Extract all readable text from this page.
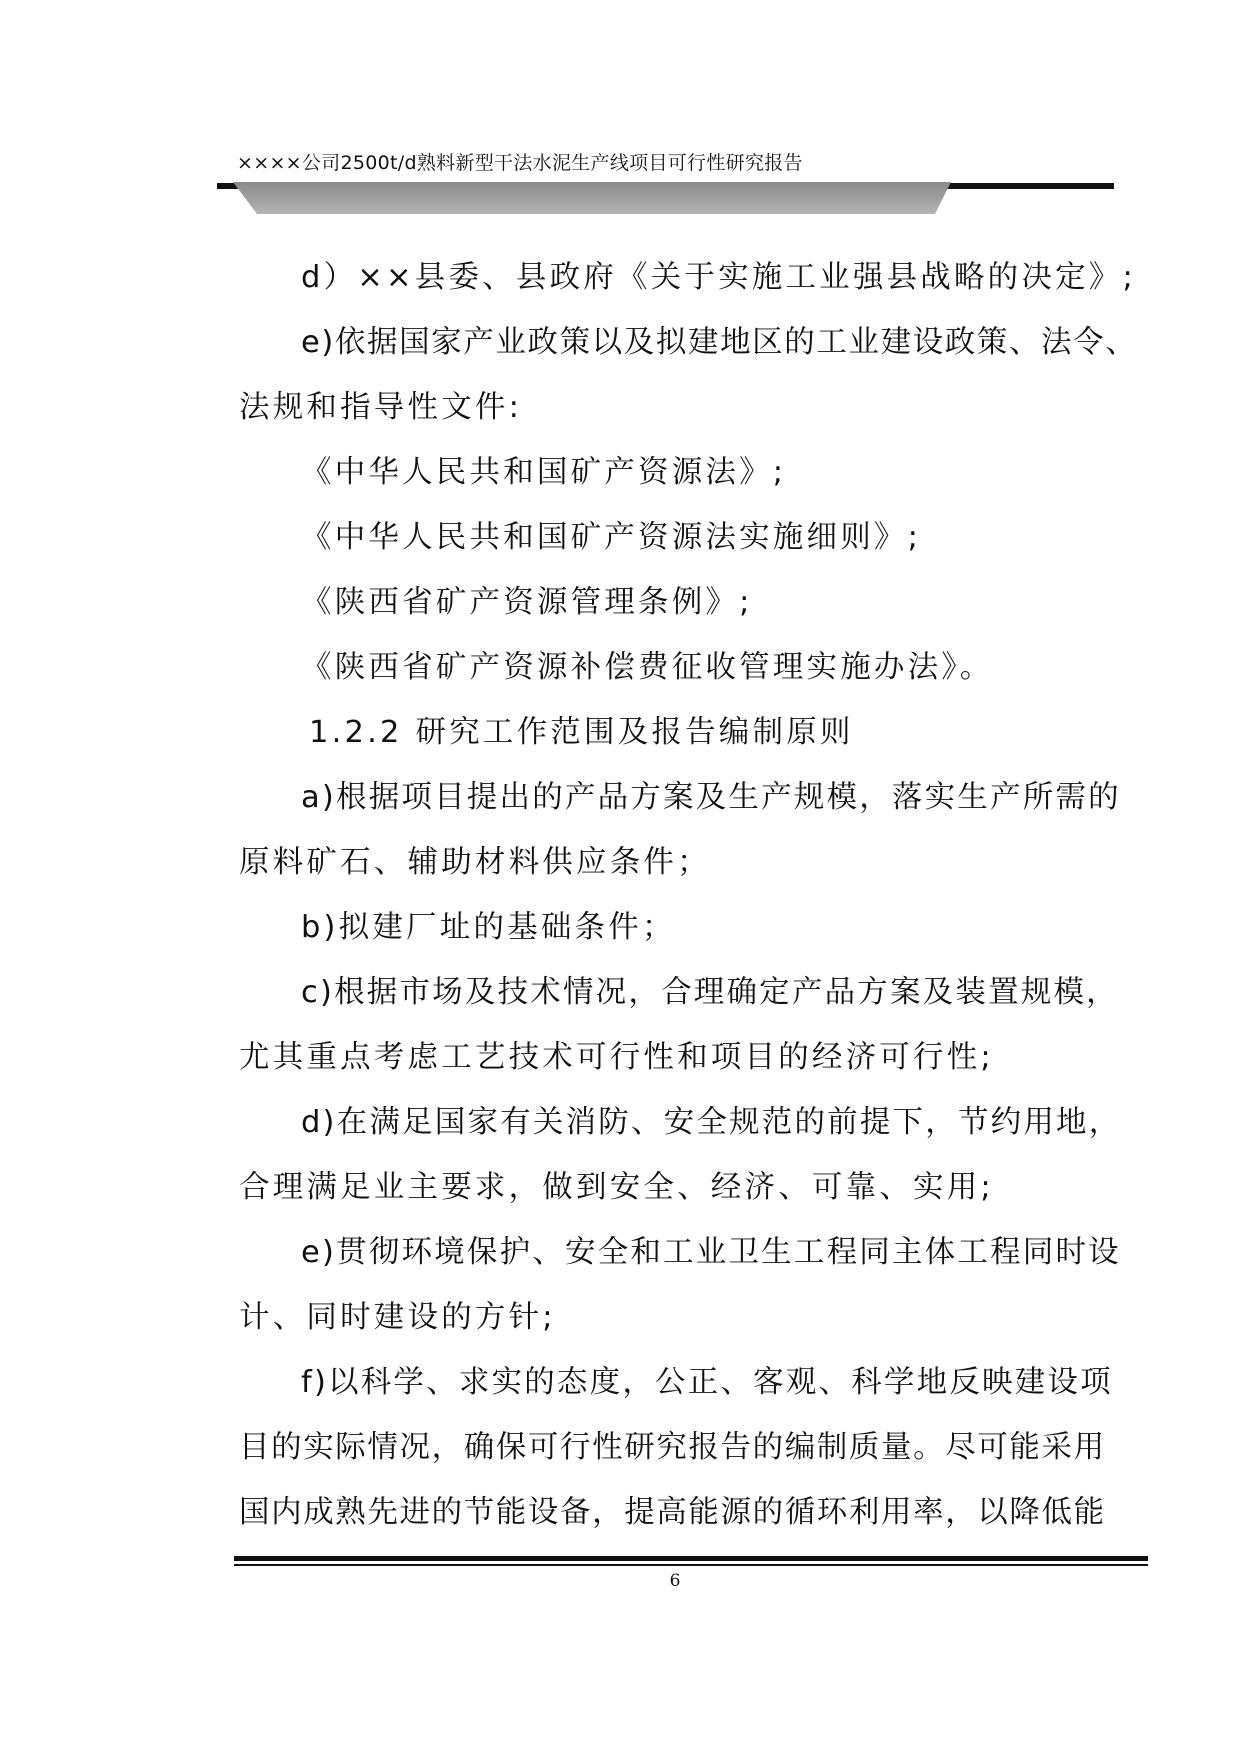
××××公司2500t/d熟料新型干法水泥生产线项目可行性研究报告

d）××县委、县政府《关于实施工业强县战略的决定》;

e)依据国家产业政策以及拟建地区的工业建设政策、法令、

法规和指导性文件:

《中华人民共和国矿产资源法》;

《中华人民共和国矿产资源法实施细则》;

《陕西省矿产资源管理条例》;

《陕西省矿产资源补偿费征收管理实施办法》。

1.2.2 研究工作范围及报告编制原则

a)根据项目提出的产品方案及生产规模，落实生产所需的

原料矿石、辅助材料供应条件；

b)拟建厂址的基础条件；

c)根据市场及技术情况，合理确定产品方案及装置规模，

尤其重点考虑工艺技术可行性和项目的经济可行性;

d)在满足国家有关消防、安全规范的前提下，节约用地，

合理满足业主要求，做到安全、经济、可靠、实用;

e)贯彻环境保护、安全和工业卫生工程同主体工程同时设

计、同时建设的方针;

f)以科学、求实的态度，公正、客观、科学地反映建设项

目的实际情况，确保可行性研究报告的编制质量。尽可能采用

国内成熟先进的节能设备，提高能源的循环利用率，以降低能

6
